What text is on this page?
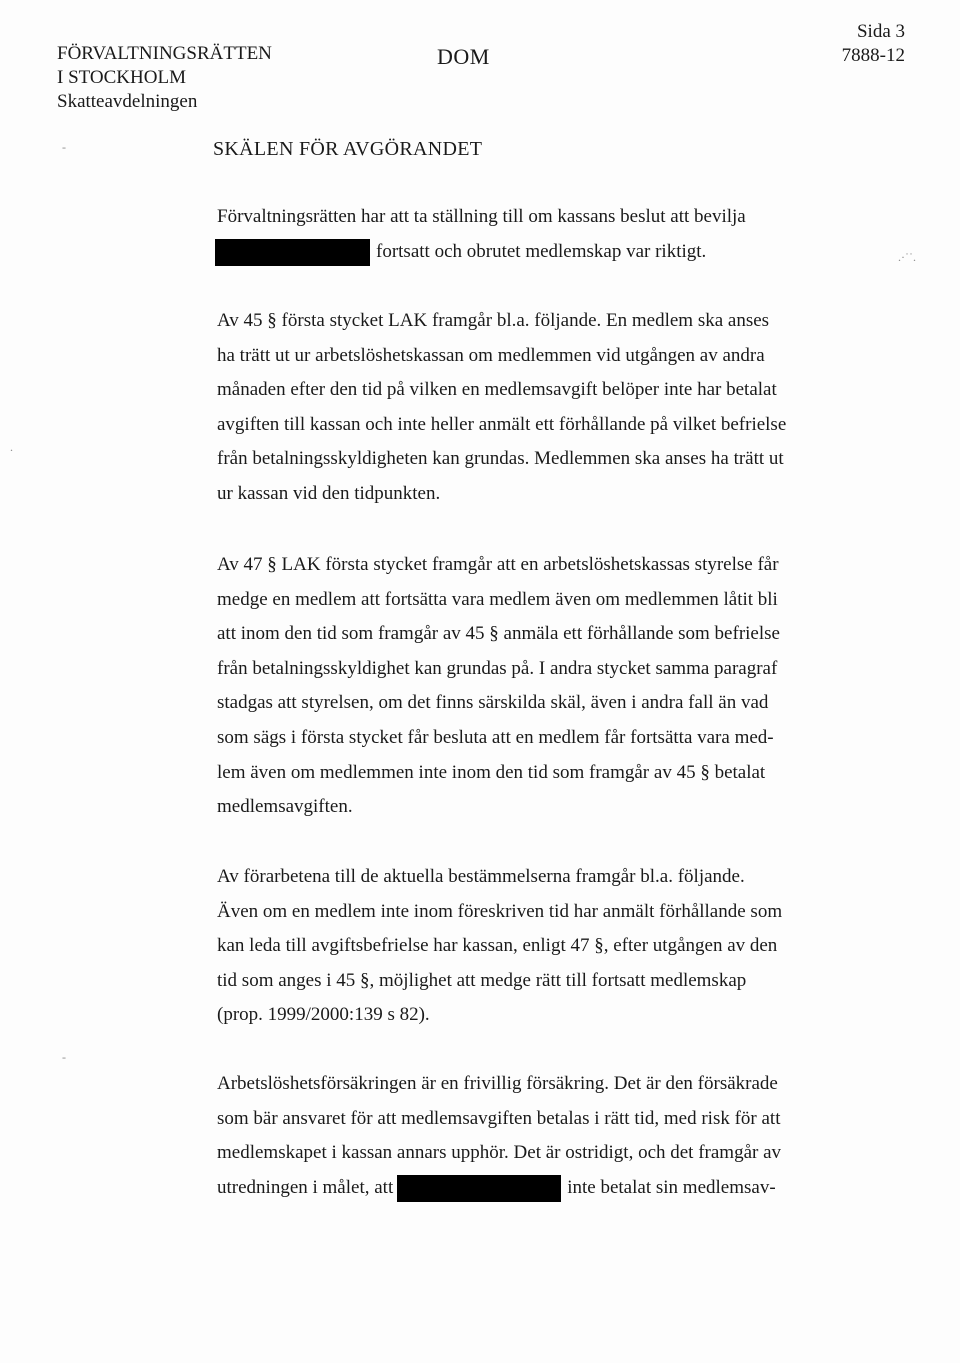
FÖRVALTNINGSRÄTTEN
I STOCKHOLM
Skatteavdelningen
DOM
Sida 3
7888-12
SKÄLEN FÖR AVGÖRANDET
Förvaltningsrätten har att ta ställning till om kassans beslut att bevilja
fortsatt och obrutet medlemskap var riktigt.
Av 45 § första stycket LAK framgår bl.a. följande. En medlem ska anses
ha trätt ut ur arbetslöshetskassan om medlemmen vid utgången av andra
månaden efter den tid på vilken en medlemsavgift belöper inte har betalat
avgiften till kassan och inte heller anmält ett förhållande på vilket befrielse
från betalningsskyldigheten kan grundas. Medlemmen ska anses ha trätt ut
ur kassan vid den tidpunkten.
Av 47 § LAK första stycket framgår att en arbetslöshetskassas styrelse får
medge en medlem att fortsätta vara medlem även om medlemmen låtit bli
att inom den tid som framgår av 45 § anmäla ett förhållande som befrielse
från betalningsskyldighet kan grundas på. I andra stycket samma paragraf
stadgas att styrelsen, om det finns särskilda skäl, även i andra fall än vad
som sägs i första stycket får besluta att en medlem får fortsätta vara med-
lem även om medlemmen inte inom den tid som framgår av 45 § betalat
medlemsavgiften.
Av förarbetena till de aktuella bestämmelserna framgår bl.a. följande.
Även om en medlem inte inom föreskriven tid har anmält förhållande som
kan leda till avgiftsbefrielse har kassan, enligt 47 §, efter utgången av den
tid som anges i 45 §, möjlighet att medge rätt till fortsatt medlemskap
(prop. 1999/2000:139 s 82).
Arbetslöshetsförsäkringen är en frivillig försäkring. Det är den försäkrade
som bär ansvaret för att medlemsavgiften betalas i rätt tid, med risk för att
medlemskapet i kassan annars upphör. Det är ostridigt, och det framgår av
utredningen i målet, att	inte betalat sin medlemsav-
-
.·˙˙.
.
-
